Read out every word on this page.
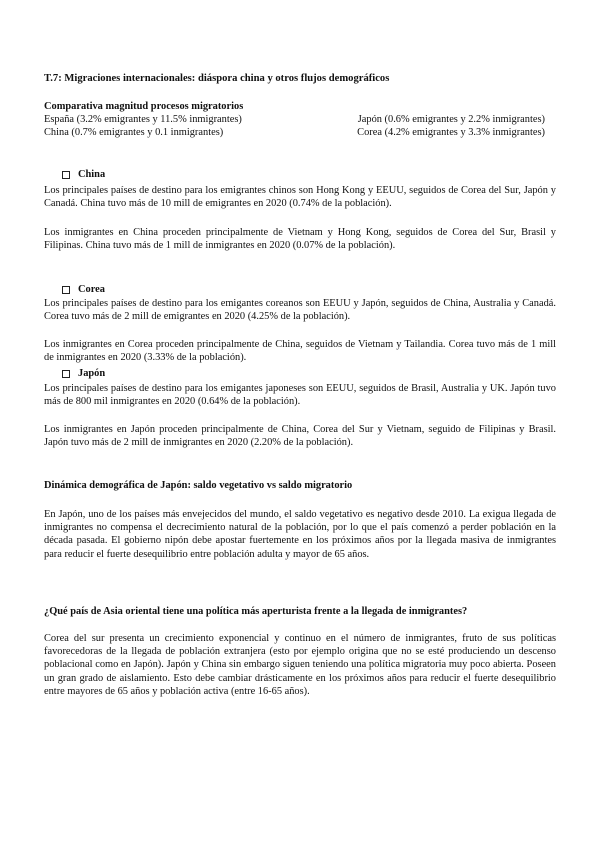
T.7: Migraciones internacionales: diáspora china y otros flujos demográficos
Comparativa magnitud procesos migratorios
España (3.2% emigrantes y 11.5% inmigrantes)	Japón (0.6% emigrantes y 2.2% inmigrantes)
China (0.7% emigrantes y 0.1 inmigrantes)	Corea (4.2% emigrantes y 3.3% inmigrantes)
China

Los principales países de destino para los emigrantes chinos son Hong Kong y EEUU, seguidos de Corea del Sur, Japón y Canadá. China tuvo más de 10 mill de emigrantes en 2020 (0.74% de la población).

Los inmigrantes en China proceden principalmente de Vietnam y Hong Kong, seguidos de Corea del Sur, Brasil y Filipinas. China tuvo más de 1 mill de inmigrantes en 2020 (0.07% de la población).

Corea

Los principales países de destino para los emigantes coreanos son EEUU y Japón, seguidos de China, Australia y Canadá. Corea tuvo más de 2 mill de emigrantes en 2020 (4.25% de la población).

Los inmigrantes en Corea proceden principalmente de China, seguidos de Vietnam y Tailandia. Corea tuvo más de 1 mill de inmigrantes en 2020 (3.33% de la población).

Japón

Los principales países de destino para los emigantes japoneses son EEUU, seguidos de Brasil, Australia y UK. Japón tuvo más de 800 mil inmigrantes en 2020 (0.64% de la población).

Los inmigrantes en Japón proceden principalmente de China, Corea del Sur y Vietnam, seguido de Filipinas y Brasil. Japón tuvo más de 2 mill de inmigrantes en 2020 (2.20% de la población).

Dinámica demográfica de Japón: saldo vegetativo vs saldo migratorio

En Japón, uno de los países más envejecidos del mundo, el saldo vegetativo es negativo desde 2010. La exigua llegada de inmigrantes no compensa el decrecimiento natural de la población, por lo que el país comenzó a perder población en la década pasada. El gobierno nipón debe apostar fuertemente en los próximos años por la llegada masiva de inmigrantes para reducir el fuerte desequilibrio entre población adulta y mayor de 65 años.

¿Qué país de Asia oriental tiene una política más aperturista frente a la llegada de inmigrantes?

Corea del sur presenta un crecimiento exponencial y continuo en el número de inmigrantes, fruto de sus políticas favorecedoras de la llegada de población extranjera (esto por ejemplo origina que no se esté produciendo un descenso poblacional como en Japón). Japón y China sin embargo siguen teniendo una política migratoria muy poco abierta. Poseen un gran grado de aislamiento. Esto debe cambiar drásticamente en los próximos años para reducir el fuerte desequilibrio entre mayores de 65 años y población activa (entre 16-65 años).
